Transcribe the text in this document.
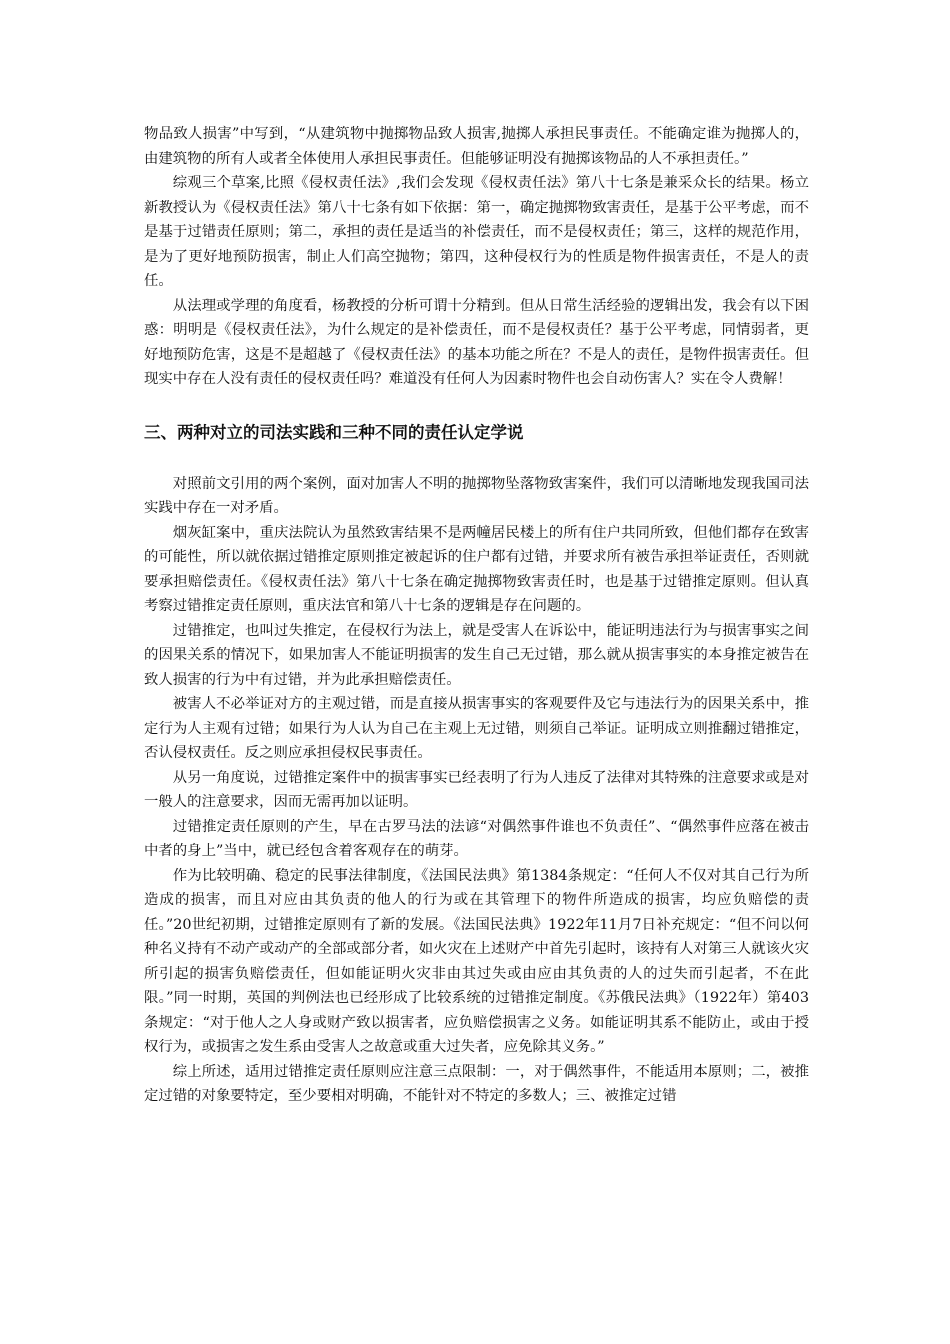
物品致人损害”中写到，“从建筑物中抛掷物品致人损害,抛掷人承担民事责任。不能确定谁为抛掷人的，由建筑物的所有人或者全体使用人承担民事责任。但能够证明没有抛掷该物品的人不承担责任。”

综观三个草案,比照《侵权责任法》,我们会发现《侵权责任法》第八十七条是兼采众长的结果。杨立新教授认为《侵权责任法》第八十七条有如下依据：第一，确定抛掷物致害责任，是基于公平考虑，而不是基于过错责任原则；第二，承担的责任是适当的补偿责任，而不是侵权责任；第三，这样的规范作用，是为了更好地预防损害，制止人们高空抛物；第四，这种侵权行为的性质是物件损害责任，不是人的责任。

从法理或学理的角度看，杨教授的分析可谓十分精到。但从日常生活经验的逻辑出发，我会有以下困惑：明明是《侵权责任法》，为什么规定的是补偿责任，而不是侵权责任？基于公平考虑，同情弱者，更好地预防危害，这是不是超越了《侵权责任法》的基本功能之所在？不是人的责任，是物件损害责任。但现实中存在人没有责任的侵权责任吗？难道没有任何人为因素时物件也会自动伤害人？实在令人费解！

三、两种对立的司法实践和三种不同的责任认定学说

对照前文引用的两个案例，面对加害人不明的抛掷物坠落物致害案件，我们可以清晰地发现我国司法实践中存在一对矛盾。

烟灰缸案中，重庆法院认为虽然致害结果不是两幢居民楼上的所有住户共同所致，但他们都存在致害的可能性，所以就依据过错推定原则推定被起诉的住户都有过错，并要求所有被告承担举证责任，否则就要承担赔偿责任。《侵权责任法》第八十七条在确定抛掷物致害责任时，也是基于过错推定原则。但认真考察过错推定责任原则，重庆法官和第八十七条的逻辑是存在问题的。

过错推定，也叫过失推定，在侵权行为法上，就是受害人在诉讼中，能证明违法行为与损害事实之间的因果关系的情况下，如果加害人不能证明损害的发生自己无过错，那么就从损害事实的本身推定被告在致人损害的行为中有过错，并为此承担赔偿责任。

被害人不必举证对方的主观过错，而是直接从损害事实的客观要件及它与违法行为的因果关系中，推定行为人主观有过错；如果行为人认为自己在主观上无过错，则须自己举证。证明成立则推翻过错推定，否认侵权责任。反之则应承担侵权民事责任。

从另一角度说，过错推定案件中的损害事实已经表明了行为人违反了法律对其特殊的注意要求或是对一般人的注意要求，因而无需再加以证明。

过错推定责任原则的产生，早在古罗马法的法谚“对偶然事件谁也不负责任”、“偶然事件应落在被击中者的身上”当中，就已经包含着客观存在的萌芽。

作为比较明确、稳定的民事法律制度，《法国民法典》第1384条规定：“任何人不仅对其自己行为所造成的损害，而且对应由其负责的他人的行为或在其管理下的物件所造成的损害，均应负赔偿的责任。”20世纪初期，过错推定原则有了新的发展。《法国民法典》1922年11月7日补充规定：“但不问以何种名义持有不动产或动产的全部或部分者，如火灾在上述财产中首先引起时，该持有人对第三人就该火灾所引起的损害负赔偿责任，但如能证明火灾非由其过失或由应由其负责的人的过失而引起者，不在此限。”同一时期，英国的判例法也已经形成了比较系统的过错推定制度。《苏俄民法典》（1922年）第403条规定：“对于他人之人身或财产致以损害者，应负赔偿损害之义务。如能证明其系不能防止，或由于授权行为，或损害之发生系由受害人之故意或重大过失者，应免除其义务。”

综上所述，适用过错推定责任原则应注意三点限制：一，对于偶然事件，不能适用本原则；二，被推定过错的对象要特定，至少要相对明确，不能针对不特定的多数人；三、被推定过错
